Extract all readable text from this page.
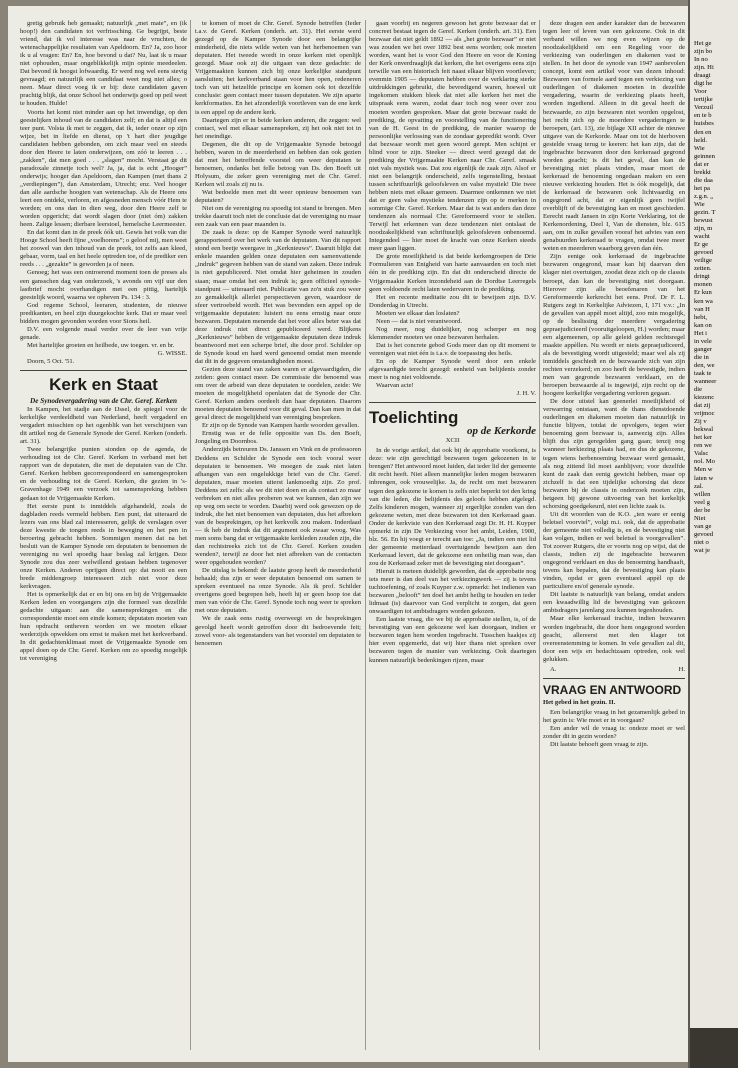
gretig gebruik heb gemaakt; natuurlijk „met mate”, en (ik hoop!) den candidaten tot verfrissching. Ge begrijpt, beste vriend, dat ik vol interesse was naar de vruchten, de wetenschappelijke resultaten van Apeldoorn. En? Ja, zoo hoor ik u al vragen: En? En, hoe bevond u dat? Nu, laat ik u maar niet ophouden, maar ongeblikkelijk mijn opinie meedeelen. Dat bevond ik hoogst lofwaardig. Er werd nog wel eens stevig gevraagd; en natuurlijk een candidaat weet nog niet alles; o neen. Maar direct voeg ik er bij: deze candidaten gaven prachtig blijk, dat onze School het onderwijs goed op peil weet te houden. Hulde!

Voorts het komt niet minder aan op het inwendige, op den geestelijken inhoud van de candidaten zelf; en dat is altijd een teer punt. Volsta ik met te zeggen, dat ik, ieder onzer op zijn wijze, bet in liefde en dienst, op 't hart dier jeugdige candidaten hebben gebonden, om zich maar veel en steeds door den Heere te laten onderwijzen, om zóó te leeren . . . „zakken”, dat men goed . . . „slagen” mocht. Verstaat ge dit paradoxale zinnetje toch wel? Ja, ja, dat is echt „Hooger” onderwijs; hooger dan Apeldoorn, dan Kampen (met thans 2 „verdiepingen”), dan Amsterdam, Utrecht; enz. Veel hooger dan alle aardsche hoogten van wetenschap. Als de Heere ons leert een ontdekt, verloren, en afgesneden mensch vóór Hem te worden; en ons dan in dien weg, door den Heere zelf te worden opgericht; dat wordt slagen door (niet óm) zakken heen. Zalige lessen; dierbare leerstoel, hemelsche Leermeester.

En dat komt dan in de preek óók uit. Gewis het volk van die Hooge School heeft fijne „voelhorens”; o geloof mij, men weet het zoowel van den inhoud van de preek, tot zelfs aan kleed, gebaar, vorm, taal en het heele optreden toe, of de prediker een reeds . . . „gezakte” is geworden ja of neen.

Genoeg; het was een ontroerend moment toen de preses als een gansschen dag van onderzoek, 's avonds om vijf uur den lastbrief mocht overhandigen met een pittig, hartelijk geestelijk woord, waarna we opheven Ps. 134 : 3.

God regeme School, leeraren, studenten, de nieuwe predikanten, en heel zijn duurgekochte kerk. Dat er maar veel bidders mogen gevonden worden voor Sions heil.

D.V. een volgende maal verder over de leer van vrije genade.

Met hartelijke groeten en heilbede, uw toegen. vr. en br.

G. WISSE.

Doorn, 5 Oct. '51.

Kerk en Staat
De Synodevergadering van de Chr. Geref. Kerken

In Kampen, het stadje aan de IJssel, de spiegel voor de kerkelijke verdeeldheid van Nederland, heeft vergaderd en vergadert misschien op het ogenblik van het verschijnen van dit artikel nog de Generale Synode der Geref. Kerken (onderh. art. 31).

Twee belangrijke punten stonden op de agenda, de verhouding tot de Chr. Geref. Kerken in verband met het rapport van de deputaten, die met de deputaten van de Chr. Geref. Kerken hebben gecorrespondeerd en samengesproken en de verhouding tot de Geref. Kerken, die gezien in 's-Gravenhage 1949 een verzoek tot samenspreking hebben gedaan tot de Vrijgemaakte Kerken.

Het eerste punt is inmiddels afgehandeld, zoals de dagbladen reeds vermeld hebben. Een punt, dat uiteraard de lezers van ons blad zal interesseren, gelijk de verslagen over deze kwestie de tongen reeds in beweging en het pen in beroering gebracht hebben. Sommigen menen dat na het besluit van de Kamper Synode om deputaten te benoemen de vereniging nu wel spoedig haar beslag zal krijgen. Deze Synode zou dus zeer welwillend gestaan hebben tegenover onze Kerken. Anderen oprijgen direct op: dat nooit en een brede middengroep interesseert zich niet voor deze kerkvragen.

Het is opmerkelijk dat er en bij ons en bij de Vrijgemaakte Kerken leden en voorgangers zijn die formeel van dezelfde gedachte uitgaan: aan die samensprekingen en die correspondentie moet een einde komen; deputaten moeten van hun opdracht ontheven worden en we moeten elkaar wederzijds opwekken om ernst te maken met het kerkverband. In dit gedachtenklimaat moet de Vrijgemaakte Synode om appel doen op de Chr. Geref. Kerken om zo spoedig mogelijk tot vereniging

te komen of moet de Chr. Geref. Synode betreffen (Ieder t.a.v. de Geref. Kerken (onderh. art. 31). Het eerste werd gezegd op de Kamper Synode door een belangrijke minderheid, die niets wilde weten van het herbenoemen van deputaten. Het tweede wordt in onze kerken niet openlijk gezegd. Maar ook zij die uitgaan van deze gedachte: de Vrijgemaakten kunnen zich bij onze kerkelijke standpunt aansluiten; het kerkverband staan voor hen open, redeneren toch van uit hetzelfde principe en komen ook tot dezelfde conclusie: geen contact meer tussen deputaten. We zijn aparte kerkformaties. En het afzonderlijk voortleven van de ene kerk is een appel op de andere kerk.

Daartegen zijn er in beide kerken anderen, die zeggen: wel contact, wel met elkaar samenspreken, zij het ook niet tot in het oneindige.

Degenen, die dit op de Vrijgemaakte Synode betoogd hebben, waren in de meerderheid en hebben dan ook gezien dat met het betreffende voorstel om weer deputaten te benoemen, ondanks het felle betoog van Ds. den Boeft uit Holysum, die zeker geen vereniging met de Chr. Geref. Kerken wil zoals zij nu is.

Wat bedoelde men met dit weer opnieuw benoemen van deputaten?

Niet om de vereniging nu spoedig tot stand te brengen. Men trekke daaruit toch niet de conclusie dat de vereniging nu maar een zaak van een paar maanden is.

De zaak is deze: op de Kamper Synode werd natuurlijk gerapporteerd over het werk van de deputaten. Van dit rapport stond een beetje weergave in „Kerknieuws”. Daaruit blijkt dat enkele maanden gelden onze deputaten een samenvattende „indruk” gegeven hebben van de stand van zaken. Deze indruk is niet gepubliceerd. Niet omdat hier geheimen in zouden staan; maar omdat het een indruk is; geen officieel synode-standpunt — uiteraard niet. Publicatie van zo'n stuk zou weer zo gemakkelijk allerlei perspectieven geven, waardoor de sfeer vertroebeld wordt. Het was bevonden een appel op de vrijgemaakte deputaten: luistert nu eens ernstig naar onze bezwaren. Deputaten menende dat het voor alles beter was dat deze indruk niet direct gepubliceerd werd. Blijkens „Kerknieuws” hebben de vrijgemaakte deputaten deze indruk beantwoord met een scherpe brief, die door prof. Schilder op de Synode koud en hard werd genoemd omdat men meende dat dit in de gegeven omstandigheden moest.

Gezien deze stand van zaken waren er afgevaardigden, die zeiden: geen contact meer. De commissie die benoemd was om over de arbeid van deze deputaten te oordelen, zeide: We moeten de mogelijkheid openlaten dat de Synode der Chr. Geref. Kerken anders oordeelt dan haar deputaten. Daarom moeten deputaten benoemd voor dit geval. Dan kan men in dat geval direct de mogelijkheid van vereniging bespreken.

Er zijn op de Synode van Kampen harde woorden gevallen.

Ernstig was er de felle oppositie van Ds. den Boeft, Jongeling en Doornbos.

Anderzijds betreuren Ds. Janssen en Vink en de professoren Deddens en Schilder de Synode een toch vooral weer deputaten te benoemen. We moegen de zaak niet laten afhangen van een ongelukkige brief van de Chr. Geref. deputaten, maar moeten uiterst lankmoedig zijn. Zo prof. Deddens zei zelfs: als we dit niet doen en als contact zo maar verbreken en niet alles proberen wat we kunnen, dan zijn we op weg om secte te worden. Daarbij werd ook gewezen op de indruk, die het niet benoemen van deputaten, dus het afbreken van de besprekingen, op het kerkvolk zou maken. Inderdaad — ik heb de indruk dat dit argument ook zwaar woog. Was men soms bang dat er vrijgemaakte kerkleden zouden zijn, die dan rechtstreeks zich tot de Chr. Geref. Kerken zouden wenden?, terwijl ze door het niet afbreken van de contacten weer opgehouden worden?

De uitslag is bekend: de laatste groep heeft de meerderheid behaald; dus zijn er weer deputaten benoemd om samen te spreken eventueel na onze Synode. Als ik prof. Schilder overigens goed begrepen heb, heeft hij er geen hoop toe dat men van vóór de Chr. Geref. Synode toch nog weer te spreken met onze deputaten.

We de zaak eens rustig overweegt en de besprekingen gevolgd heeft wordt getroffen door dit bedroevende feit; zowel voor- als tegenstanders van het voorstel om deputaten te benoemen

gaan voorbij en negeren gewoon het grote bezwaar dat er concreet bestaat tegen de Geref. Kerken (onderh. art. 31). Een bezwaar dat niet geldt 1892 — als „het grote bezwaar” er niet was zouden we het over 1892 best eens worden; ook moeten worden, want het is voor God den Heere en voor de Koning der Kerk onverdraaglijk dat kerken, die het overigens eens zijn terwille van een historisch feit naast elkaar blijven voortleven; evenmin 1905 — deputaten hebben over de verklaring sterke uitdrukkingen gebruikt, die bevredigend waren, hoewel uit ingekomen stukken bleek dat niet alle kerken het met die uitspraak eens waren, zodat daar toch nog weer over zou moeten worden gesproken. Maar dat grote bezwaar raakt de prediking, de opvatting en voorstelling van de functionering van de H. Geest in de prediking, de manier waarop de persoonlijke verlossing van de zondaar gepredikt wordt. Over dat bezwaar wordt met geen woord gerept. Men schijnt er blind voor te zijn. Steeker — direct werd gezegd dat de prediking der Vrijgemaakte Kerken naar Chr. Geref. smaak niet vals mystiek was. Dat zou eigenlijk de zaak zijn. Alsof er niet een belangrijk onderscheid, zelfs tegenstelling, bestaat tussen schriftuurlijk geloofsleven en valse mystiek! Die twee hebben niets met elkaar gemeen. Daarmee ontkennen we niet dat er geen valse mystieke tendenzen zijn op te merken in sommige Chr. Geref. Kerken. Maar dat is wat anders dan deze tendenzen als normaal Chr. Gereformeerd voor te stellen. Terwijl het erkennen van deze tendenzen niet ontslaat de noodzakelijkheid van schriftuurlijk geloofsleven onbenoemd. Integendeel — hier moet de kracht van onze Kerken steeds meer gaan liggen.

De grote moeilijkheid is dat beide kerkengroepen de Drie Formulieren van Enigheid van harte aanvaarden en toch niet één in de prediking zijn. En dat dit onderscheid directe de Vrijgemaakte Kerken inzondeheid aan de Dordtse Leerregels geen voldoende recht laten wedervaren in de prediking.

Het en recente meditatie zou dit te bewijzen zijn. D.V. Donderdag in Utrecht.

Moeten we elkaar dan loslaten?

Neen — dat is niet verantwoord.

Nog meer, nog duidelijker, nog scherper en nog klemmender moeten we onze bezwaren herhalen.

Dat is het concrete gebod Gods meer dan op dit moment te verenigen wat niet één is t.a.v. de toepassing des heils.

En op de Kamper Synode werd door een enkele afgevaardigde terecht gezegd: eenheid van belijdenis zonder meer is nog niet voldoende.

Waarvan acte!

J. H. V.

Toelichting
op de Kerkorde
XCII

In de vorige artikel, dat ook bij de approbatie voorkomt, is deze: wie zijn gerechtigd bezwaren tegen gekozenen in te brengen? Het antwoord moet luiden, dat ieder lid der gemeente dit recht heeft. Niet alleen mannelijke leden mogen bezwaren inbrengen, ook vrouwelijke. Ja, de recht om met bezwaren tegen den gekozene te komen is zelfs niet beperkt tot den kring van die leden, die belijdenis des geloofs hebben afgelegd. Zelfs kinderen mogen, wanneer zij ergerlijke zonden van den gekozene weten, met deze bezwaren tot den Kerkeraad gaan. Onder de kerkvisie van den Kerkeraad zegt Dr. H. H. Kuyper opmerkt in zijn De Verkiezing voor het ambt, Leiden, 1900, blz. 56. En hij voegt er terecht aan toe: „Ja, indien een niet lid der gemeente metterdaad overtuigende bewijzen aan den Kerkeraad levert, dat de gekozene een onheilig man was, dan zou de Kerkeraad zeker met de bevestiging niet doorgaan”.

Hieruit is meteen duidelijk geworden, dat de approbatie nog iets meer is dan deel van het verkiezingwerk — zij is tevens tuchtoefening, of zoals Kuyper z.w. opmerkt: het indienen van bezwaren „belooft” ten doel het ambt heilig te houden en ieder lidmaat (is) daarvoor van God verplicht te zorgen, dat geen onwaardigen tot ambtsdragers worden gekozen.

Een laatste vraag, die we bij de approbatie stellen, is, of de bevestiging van een gekozene wel kan doorgaan, indien er bezwaren tegen hem worden ingebracht. Tusschen haakjes zij hier even opgemerkt, dat wij hier thans niet spreken over bezwaren tegen de manier van verkiezing. Ook daartegen kunnen natuurlijk bedenkingen rijzen, maar

deze dragen een ander karakter dan de bezwaren tegen leer of leven van een gekozene. Ook in dit verband willen we nog even wijzen op de noodzakelijkheid om een Regeling voor de verkiezing van ouderlingen en diakenen vast te stellen. In het door de synode van 1947 aanbevolen concept, komt een artikel voor van dezen inhoud: Bezwaren van formele aard tegen een verkiezing van ouderlingen of diakenen moeten in dezelfde vergadering, waarin de verkiezing plaats heeft, worden ingediend. Alleen in dit geval heeft de bezwaarde, zo zijn bezwaren niet worden opgelost, het recht zich op de moerdere vergaderingen te beroepen, (art. 13), zie bijlage XII achter de nieuwe uitgave van de Kerkorde. Maar om tot de hierboven gestelde vraag terug te keeren: het kan zijn, dat de ingebrachte bezwaren door den kerkeraad gegrond worden geacht; is dit het geval, dan kan de bevestiging niet plaats vinden, maar moet de kerkeraad de benoeming ongedaan maken en een nieuwe verkiezing houden. Het is óók mogelijk, dat de kerkeraad de bezwaren ook lichtvaardig en ongegrond acht, dat er eigenlijk geen twijfel overblijft of de bevestiging kan en moet geschieden. Eerecht raadt Jansen in zijn Korte Verklaring, tot de Kerkenordening, Deel I, Van de diensten, blz. 615 aan, om in zulke gevallen vooraf het advies van een genabuurden kerkeraad te vragen, omdat twee meer weten en meerderen waarborg geven dan één.

Zijn eenige ook kerkeraad de ingebrachte bezwaren ongegrond, maar kan hij daarvan den klager niet overtuigen, zoodat deze zich op de classis beroept, dan kan de bevestiging niet doorgaan. Hierover zijn alle beoefenaren van het Gereformeerde kerkrecht het eens. Prof. Dr F. L. Rutgers zegt in Kerkelijke Adviezen, I, 171 v.v.: „In de gevallen van appèl moet altijd, zoo min mogelijk, op de beslissing der meerdere vergadering gepraejudicieerd (vooruitgeloopen, H.) worden; maar een algemeenen, op alle geleid gelden rechtsregel maakte appèllen. Nu wordt er niets gepraejudiceerd, als de bevestiging wordt uitgesteld; maar wel als zij inmiddels geschiedt en de bezwaarde zich van zijn rechten verzekerd; en zoo heeft de bevestigde, indien men van gegronde bezwaren verklaart, en de beroepen bezwaarde al is ingewijd, zijn recht op de hoogere kerkelijke vergadering verloren gegaan.

De door uitstel kan geenerlei moeilijkheid of verwarring ontstaan, want de thans dienstdoende ouderlingen en diakenen moeten dan natuurlijk in functie blijven, totdat de opvolgers, tegen wier benoeming geen bezwaar is, aanwezig zijn. Alles blijft dus zijn geregelden gang gaan; tenzij nog wanneer herkiezing plaats had, en dus de gekozene, tegen wiens herbenoeming bezwaar werd gemaakt, als nog zittend lid moet aanblijven; voor dezelfde kunt de zaak dan eenig gewicht hebben, maar op zichzelf is dat een tijdelijke schorsing dat deze bezwaren bij de classis in onderzoek moeten zijn, hetgeen bij gewone uitvoering van het kerkelijk schorsing goedgekeurd, niet een lichte zaak is.

Uit dit woorden van de K.O. „ten ware er eenig beletsel voorviel”, volgt m.i. ook, dat de approbatie der gemeente niet volledig is, en de bevestiging niet kan volgen, indien er wel beletsel is voorgevallen”. Tot zoover Rutgers, die er voorts nog op wijst, dat de classis, indien zij de ingebrachte bezwaren ongegrond verklaart en dus de benoeming handhaaft, tevens kan bepalen, dat de bevestiging kan plaats vinden, opdat er geen eventueel appèl op de particuliere en/of generale synode.

Dit laatste is natuurlijk van belang, omdat anders een kwaadwillig lid de bevestiging van gekozen ambtsdragers jarenlang zou kunnen tegenhouden.

Maar elke kerkeraad trachte, indien bezwaren worden ingebracht, die door hem ongegrond worden geacht, allereerst met den klager tot overeenstemming te komen. In vele gevallen zal dit, door een wijs en bedachtzaam optreden, ook wel gelukken.

A.	H.

VRAAG EN ANTWOORD
Het gebed in het gezin. II.

Een belangrijke vraag in het gezamenlijk gebed in het gezin is: Wie moet er in voorgaan?

Een ander wil de vraag is: ondeze moet er wel zonder dit in gezin worden?

Dit laatste behoeft geen vraag te zijn.

Het ge
zijn bo
In no
zijn. Hi
draagt
digt he
Voor
tertijke
Verzuil
en te b
huisbes
den en
held.
Wie
geinnen
dat er
brekkt
die daa
het pa
z.g.n. „
Wie
gezin. T
bewust
zijn, m
wacht
Er ge
gevoed
veilige
zetten.
dringt
monen
Er kun
ken wa
van H
hebt,
kan on
Het i
in vele
ganger
die in
den, we
taak te
wanneer
die
kiezenc
dat zij
vrijmoc
Zij v
bekwal
het ker
ren we
Valsc
nol. Mo
Men w
laten w
zal.
willen
veel g
der be
Niet
van ge
gevoed
niet o
wat je
